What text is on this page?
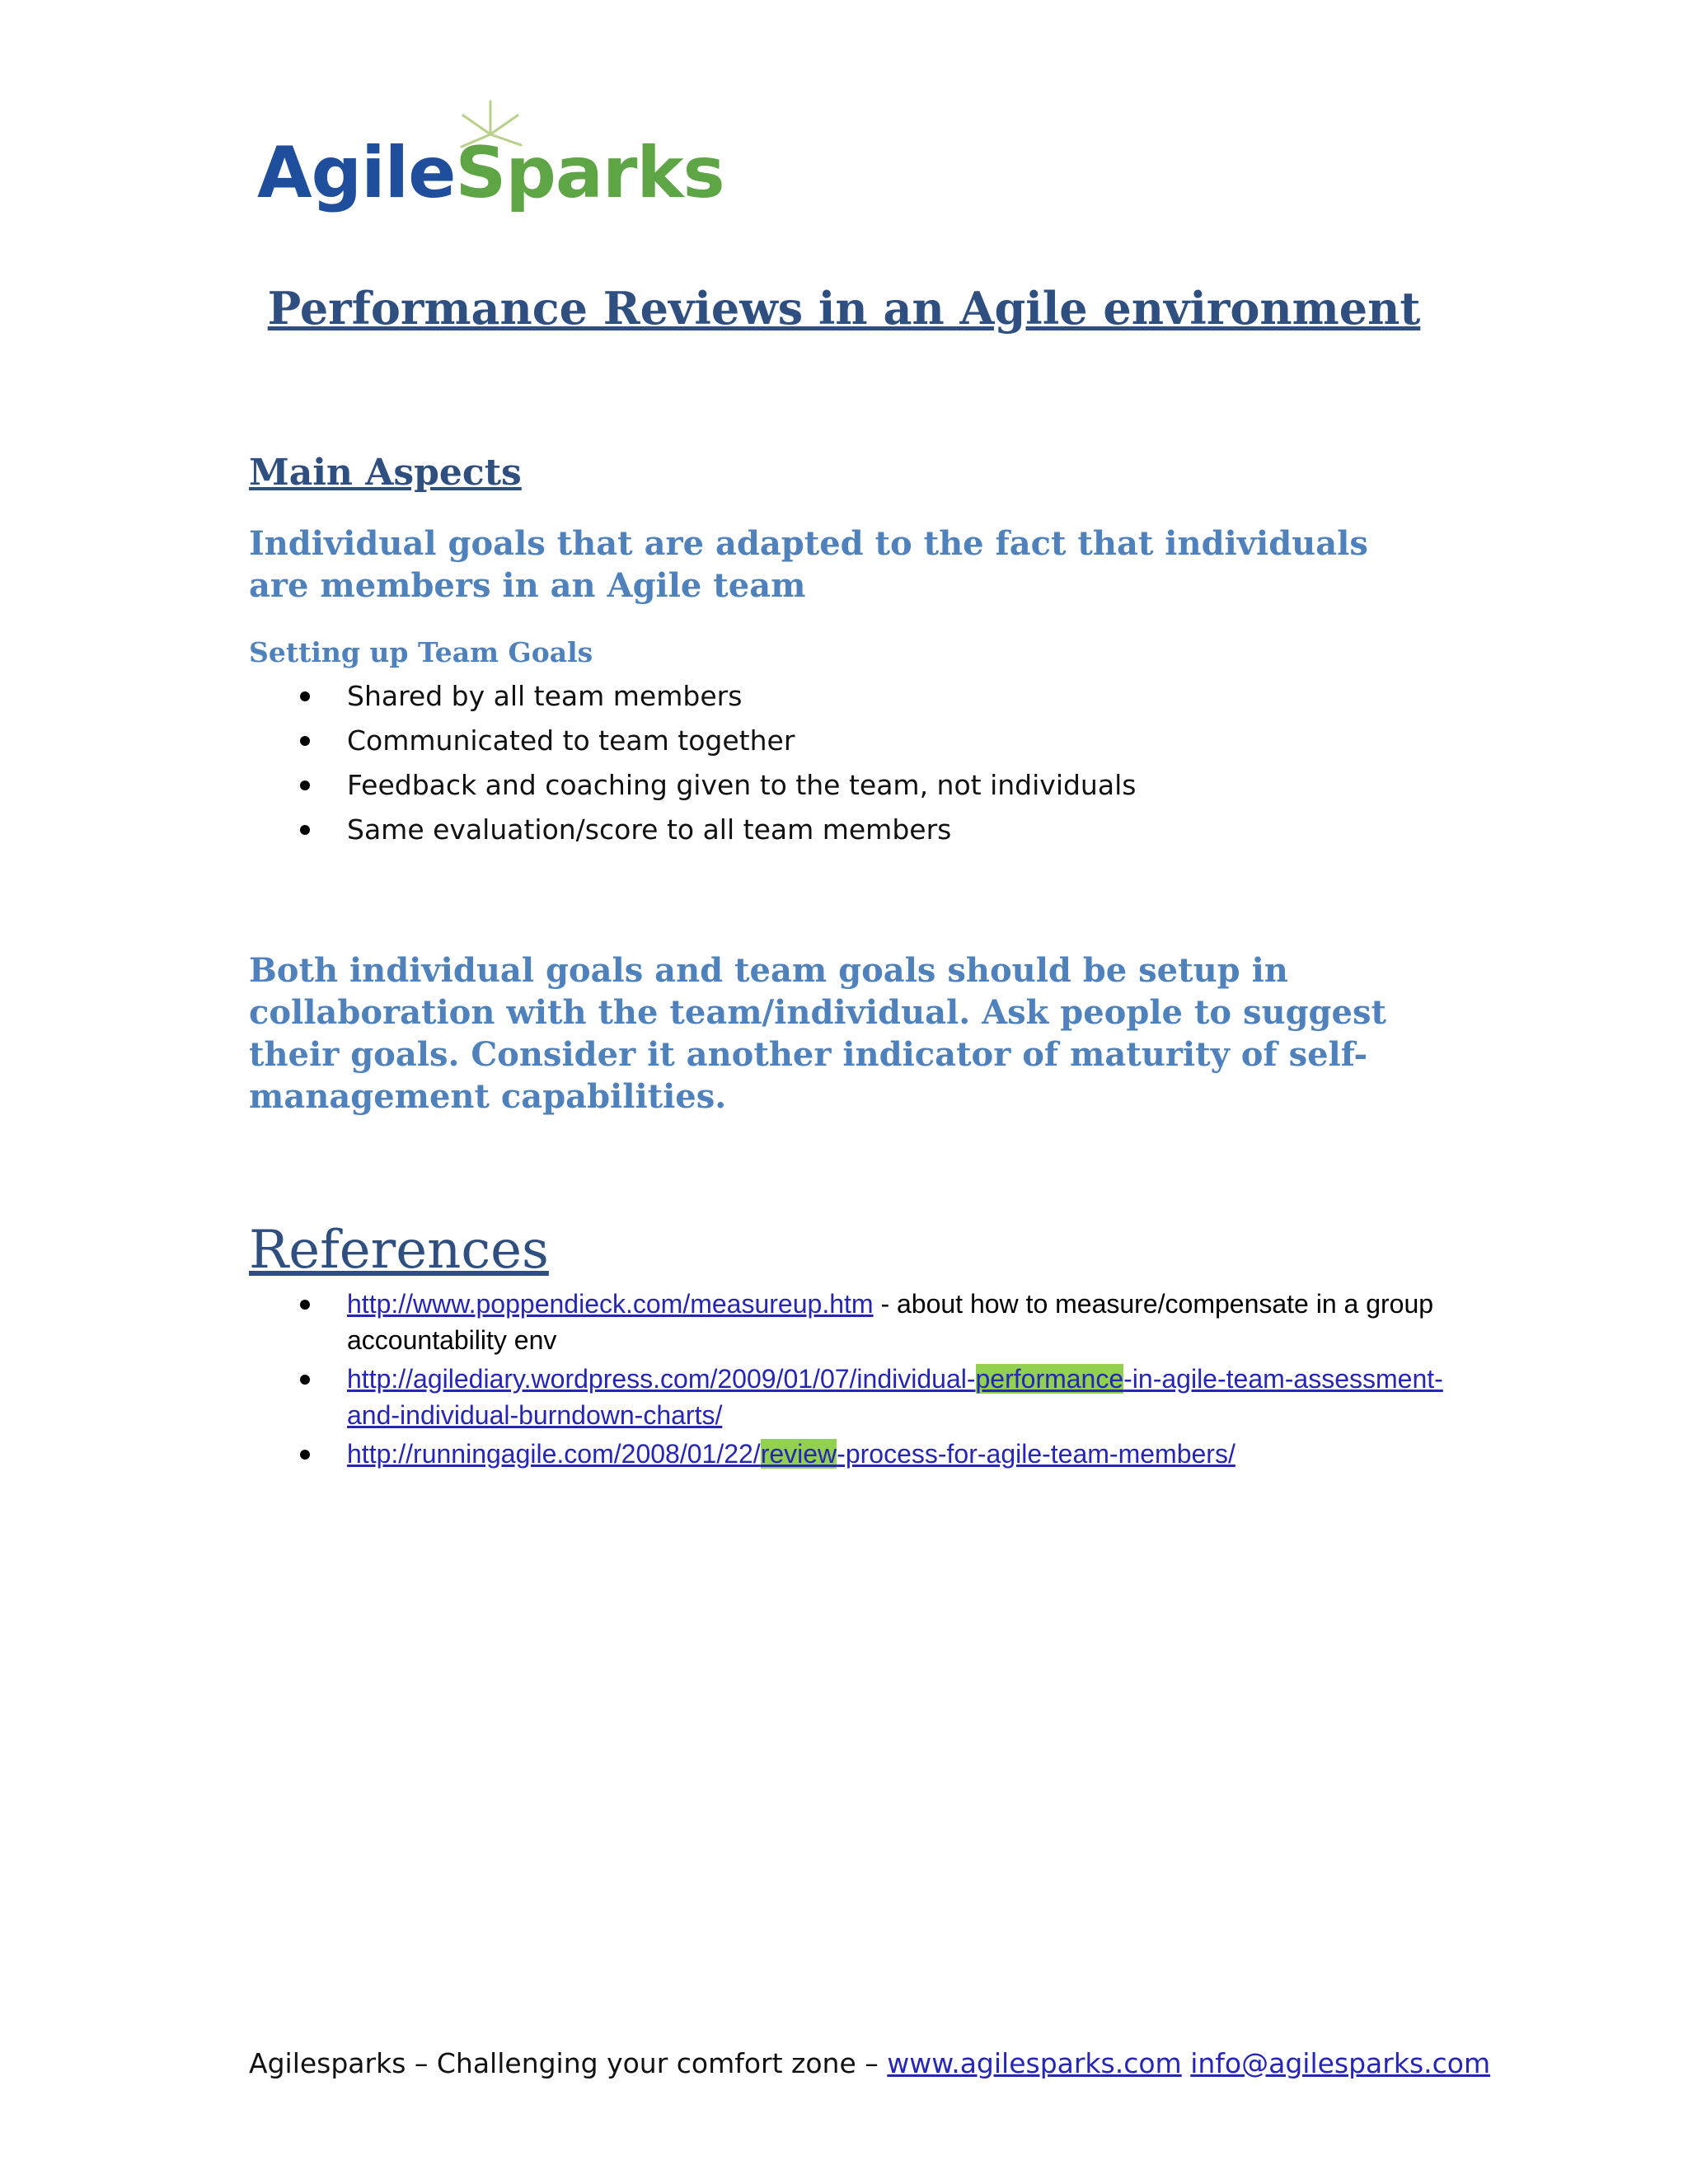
AgileSparks
Performance Reviews in an Agile environment
Main Aspects
Individual goals that are adapted to the fact that individuals are members in an Agile team
Setting up Team Goals
Shared by all team members
Communicated to team together
Feedback and coaching given to the team, not individuals
Same evaluation/score to all team members
Both individual goals and team goals should be setup in collaboration with the team/individual. Ask people to suggest their goals. Consider it another indicator of maturity of self-management capabilities.
References
http://www.poppendieck.com/measureup.htm - about how to measure/compensate in a group accountability env
http://agilediary.wordpress.com/2009/01/07/individual-performance-in-agile-team-assessment-and-individual-burndown-charts/
http://runningagile.com/2008/01/22/review-process-for-agile-team-members/
Agilesparks – Challenging your comfort zone – www.agilesparks.com info@agilesparks.com
